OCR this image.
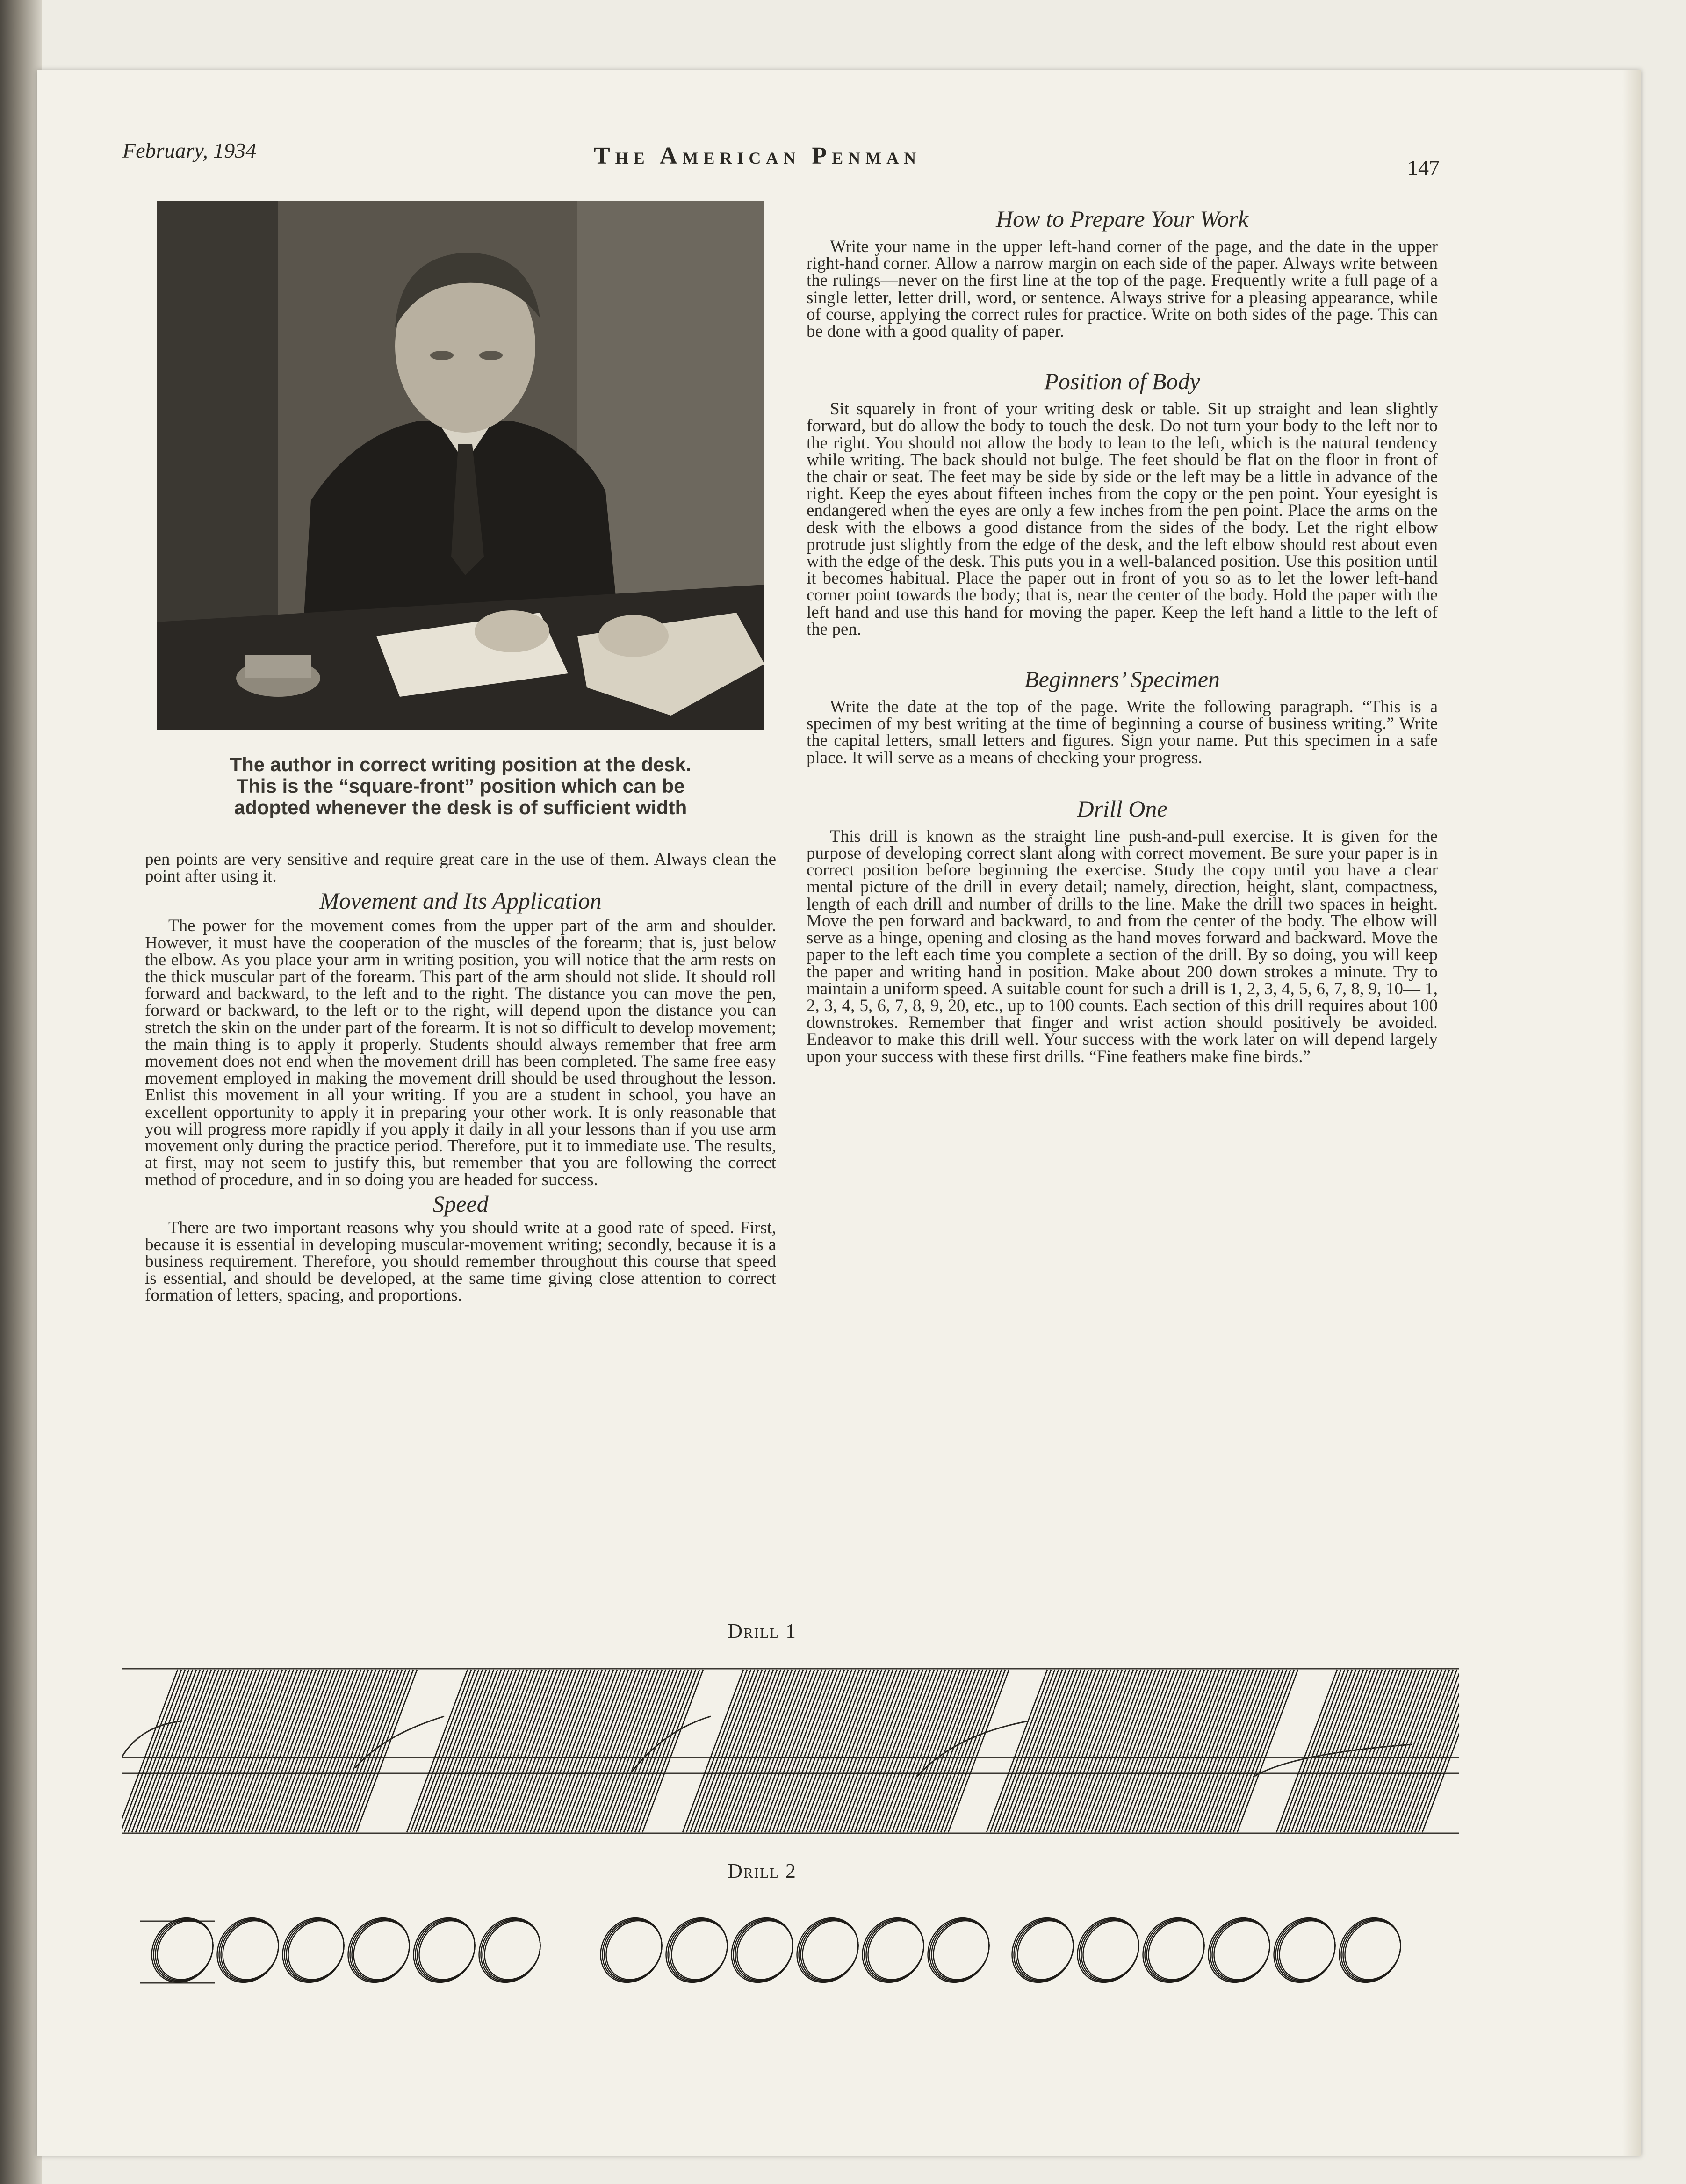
February, 1934	The American Penman	147
The author in correct writing position at the desk.
This is the “square-front” position which can be
adopted whenever the desk is of sufficient width

pen points are very sensitive and require great care in the use of them. Always clean the point after using it.

Movement and Its Application

The power for the movement comes from the upper part of the arm and shoulder. However, it must have the cooperation of the muscles of the forearm; that is, just below the elbow. As you place your arm in writing position, you will notice that the arm rests on the thick muscular part of the forearm. This part of the arm should not slide. It should roll forward and backward, to the left and to the right. The distance you can move the pen, forward or backward, to the left or to the right, will depend upon the distance you can stretch the skin on the under part of the forearm. It is not so difficult to develop movement; the main thing is to apply it properly. Students should always remember that free arm movement does not end when the movement drill has been completed. The same free easy movement employed in making the movement drill should be used throughout the lesson. Enlist this movement in all your writing. If you are a student in school, you have an excellent opportunity to apply it in preparing your other work. It is only reasonable that you will progress more rapidly if you apply it daily in all your lessons than if you use arm movement only during the practice period. Therefore, put it to immediate use. The results, at first, may not seem to justify this, but remember that you are following the correct method of procedure, and in so doing you are headed for success.

Speed

There are two important reasons why you should write at a good rate of speed. First, because it is essential in developing muscular-movement writing; secondly, because it is a business requirement. Therefore, you should remember throughout this course that speed is essential, and should be developed, at the same time giving close attention to correct formation of letters, spacing, and proportions.

How to Prepare Your Work

Write your name in the upper left-hand corner of the page, and the date in the upper right-hand corner. Allow a narrow margin on each side of the paper. Always write between the rulings—never on the first line at the top of the page. Frequently write a full page of a single letter, letter drill, word, or sentence. Always strive for a pleasing appearance, while of course, applying the correct rules for practice. Write on both sides of the page. This can be done with a good quality of paper.

Position of Body

Sit squarely in front of your writing desk or table. Sit up straight and lean slightly forward, but do allow the body to touch the desk. Do not turn your body to the left nor to the right. You should not allow the body to lean to the left, which is the natural tendency while writing. The back should not bulge. The feet should be flat on the floor in front of the chair or seat. The feet may be side by side or the left may be a little in advance of the right. Keep the eyes about fifteen inches from the copy or the pen point. Your eyesight is endangered when the eyes are only a few inches from the pen point. Place the arms on the desk with the elbows a good distance from the sides of the body. Let the right elbow protrude just slightly from the edge of the desk, and the left elbow should rest about even with the edge of the desk. This puts you in a well-balanced position. Use this position until it becomes habitual. Place the paper out in front of you so as to let the lower left-hand corner point towards the body; that is, near the center of the body. Hold the paper with the left hand and use this hand for moving the paper. Keep the left hand a little to the left of the pen.

Beginners’ Specimen

Write the date at the top of the page. Write the following paragraph. “This is a specimen of my best writing at the time of beginning a course of business writing.” Write the capital letters, small letters and figures. Sign your name. Put this specimen in a safe place. It will serve as a means of checking your progress.

Drill One

This drill is known as the straight line push-and-pull exercise. It is given for the purpose of developing correct slant along with correct movement. Be sure your paper is in correct position before beginning the exercise. Study the copy until you have a clear mental picture of the drill in every detail; namely, direction, height, slant, compactness, length of each drill and number of drills to the line. Make the drill two spaces in height. Move the pen forward and backward, to and from the center of the body. The elbow will serve as a hinge, opening and closing as the hand moves forward and backward. Move the paper to the left each time you complete a section of the drill. By so doing, you will keep the paper and writing hand in position. Make about 200 down strokes a minute. Try to maintain a uniform speed. A suitable count for such a drill is 1, 2, 3, 4, 5, 6, 7, 8, 9, 10— 1, 2, 3, 4, 5, 6, 7, 8, 9, 20, etc., up to 100 counts. Each section of this drill requires about 100 downstrokes. Remember that finger and wrist action should positively be avoided. Endeavor to make this drill well. Your success with the work later on will depend largely upon your success with these first drills. “Fine feathers make fine birds.”

Drill 1
Drill 2
